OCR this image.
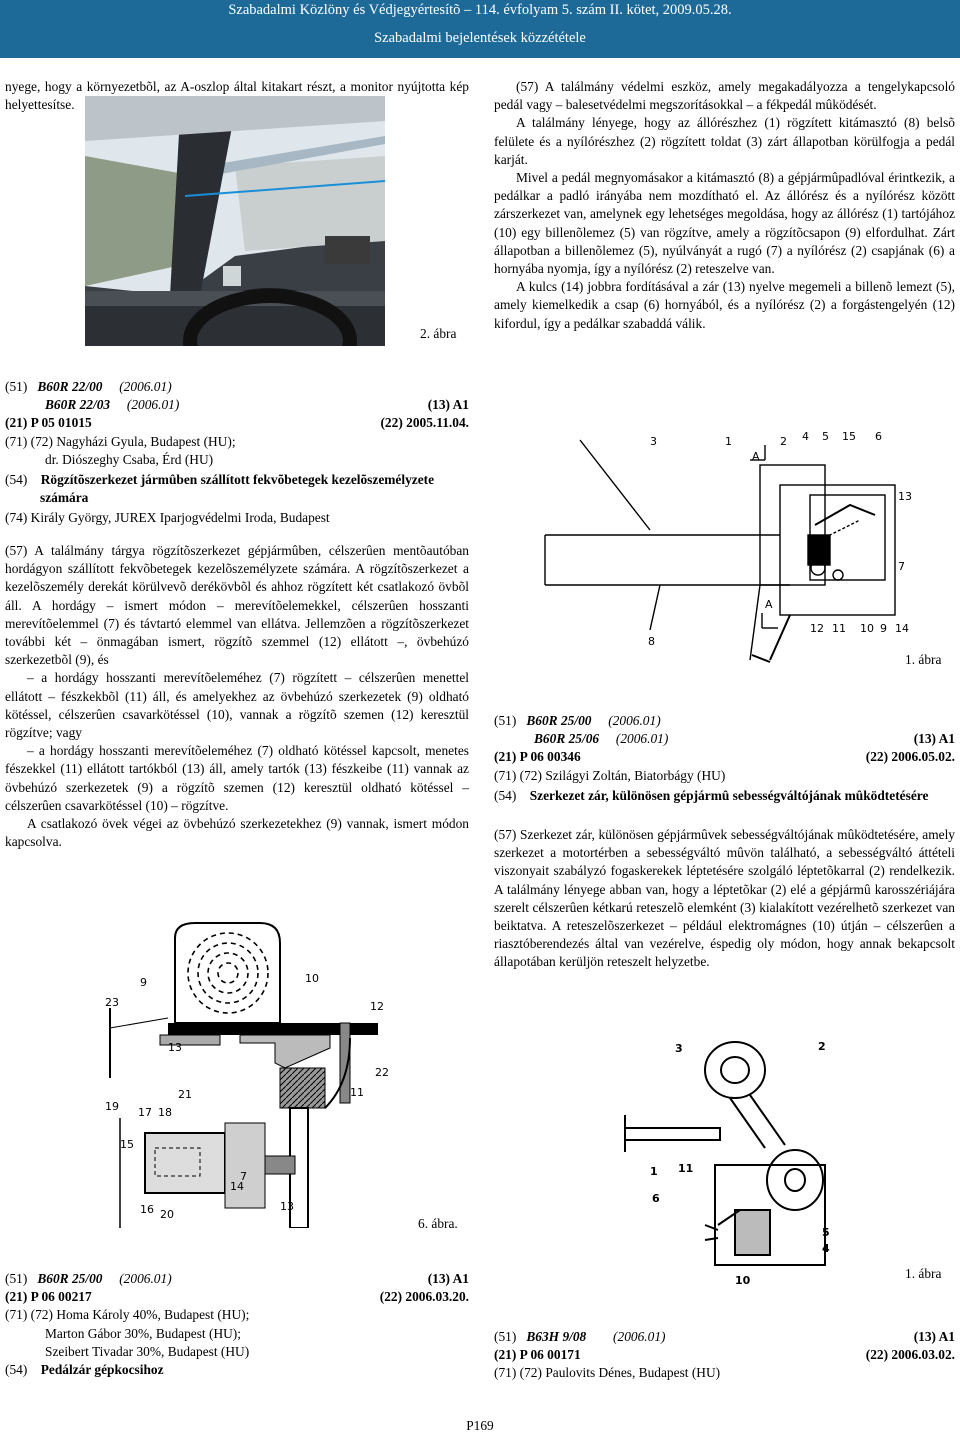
Szabadalmi Közlöny és Védjegyértesítõ – 114. évfolyam 5. szám II. kötet, 2009.05.28.
Szabadalmi bejelentések közzététele

nyege, hogy a környezetbõl, az A-oszlop által kitakart részt, a monitor nyújtotta kép helyettesítse.

2. ábra
(51) B60R 22/00 (2006.01)
B60R 22/03 (2006.01)	(13) A1
(21) P 05 01015	(22) 2005.11.04.
(71) (72) Nagyházi Gyula, Budapest (HU);
dr. Diószeghy Csaba, Érd (HU)
(54) Rögzítõszerkezet jármûben szállított fekvõbetegek kezelõszemélyzete számára
(74) Király György, JUREX Iparjogvédelmi Iroda, Budapest

(57) A találmány tárgya rögzítõszerkezet gépjármûben, célszerûen mentõautóban hordágyon szállított fekvõbetegek kezelõszemélyzete számára. A rögzítõszerkezet a kezelõszemély derekát körülvevõ derékövbõl és ahhoz rögzített két csatlakozó övbõl áll. A hordágy – ismert módon – merevítõelemekkel, célszerûen hosszanti merevítõelemmel (7) és távtartó elemmel van ellátva. Jellemzõen a rögzítõszerkezet további két – önmagában ismert, rögzítõ szemmel (12) ellátott –, övbehúzó szerkezetbõl (9), és

– a hordágy hosszanti merevítõeleméhez (7) rögzített – célszerûen menettel ellátott – fészkekbõl (11) áll, és amelyekhez az övbehúzó szerkezetek (9) oldható kötéssel, célszerûen csavarkötéssel (10), vannak a rögzítõ szemen (12) keresztül rögzítve; vagy

– a hordágy hosszanti merevítõeleméhez (7) oldható kötéssel kapcsolt, menetes fészekkel (11) ellátott tartókból (13) áll, amely tartók (13) fészkeibe (11) vannak az övbehúzó szerkezetek (9) a rögzítõ szemen (12) keresztül oldható kötéssel – célszerûen csavarkötéssel (10) – rögzítve.

A csatlakozó övek végei az övbehúzó szerkezetekhez (9) vannak, ismert módon kapcsolva.

9	10
12
23
13
22
21	11
19 17 18
15
7
14
16 20
13
6. ábra.
(51) B60R 25/00 (2006.01)	(13) A1
(21) P 06 00217	(22) 2006.03.20.
(71) (72) Homa Károly 40%, Budapest (HU);
Marton Gábor 30%, Budapest (HU);
Szeibert Tivadar 30%, Budapest (HU)
(54) Pedálzár gépkocsihoz

(57) A találmány védelmi eszköz, amely megakadályozza a tengelykapcsoló pedál vagy – balesetvédelmi megszorításokkal – a fékpedál mûködését.

A találmány lényege, hogy az állórészhez (1) rögzített kitámasztó (8) belsõ felülete és a nyílórészhez (2) rögzített toldat (3) zárt állapotban körülfogja a pedál karját.

Mivel a pedál megnyomásakor a kitámasztó (8) a gépjármûpadlóval érintkezik, a pedálkar a padló irányába nem mozdítható el. Az állórész és a nyílórész között zárszerkezet van, amelynek egy lehetséges megoldása, hogy az állórész (1) tartójához (10) egy billenõlemez (5) van rögzítve, amely a rögzítõcsapon (9) elfordulhat. Zárt állapotban a billenõlemez (5), nyúlványát a rugó (7) a nyílórész (2) csapjának (6) a hornyába nyomja, így a nyílórész (2) reteszelve van.

A kulcs (14) jobbra fordításával a zár (13) nyelve megemeli a billenõ lemezt (5), amely kiemelkedik a csap (6) hornyából, és a nyílórész (2) a forgástengelyén (12) kifordul, így a pedálkar szabaddá válik.

3	1	2 4 5 15 6
A
A
8
12 11 10 9 14
13
7
1. ábra
(51) B60R 25/00 (2006.01)
B60R 25/06 (2006.01)	(13) A1
(21) P 06 00346	(22) 2006.05.02.
(71) (72) Szilágyi Zoltán, Biatorbágy (HU)
(54) Szerkezet zár, különösen gépjármû sebességváltójának mûködtetésére

(57) Szerkezet zár, különösen gépjármûvek sebességváltójának mûködtetésére, amely szerkezet a motortérben a sebességváltó mûvön található, a sebességváltó áttételi viszonyait szabályzó fogaskerekek léptetésére szolgáló léptetõkarral (2) rendelkezik. A találmány lényege abban van, hogy a léptetõkar (2) elé a gépjármû karosszériájára szerelt célszerûen kétkarú reteszelõ elemként (3) kialakított vezérelhetõ szerkezet van beiktatva. A reteszelõszerkezet – például elektromágnes (10) útján – célszerûen a riasztóberendezés által van vezérelve, éspedig oly módon, hogy annak bekapcsolt állapotában kerüljön reteszelt helyzetbe.

3	2
1 11
6
5
4
10	1. ábra
(51) B63H 9/08 (2006.01)	(13) A1
(21) P 06 00171	(22) 2006.03.02.
(71) (72) Paulovits Dénes, Budapest (HU)
P169
